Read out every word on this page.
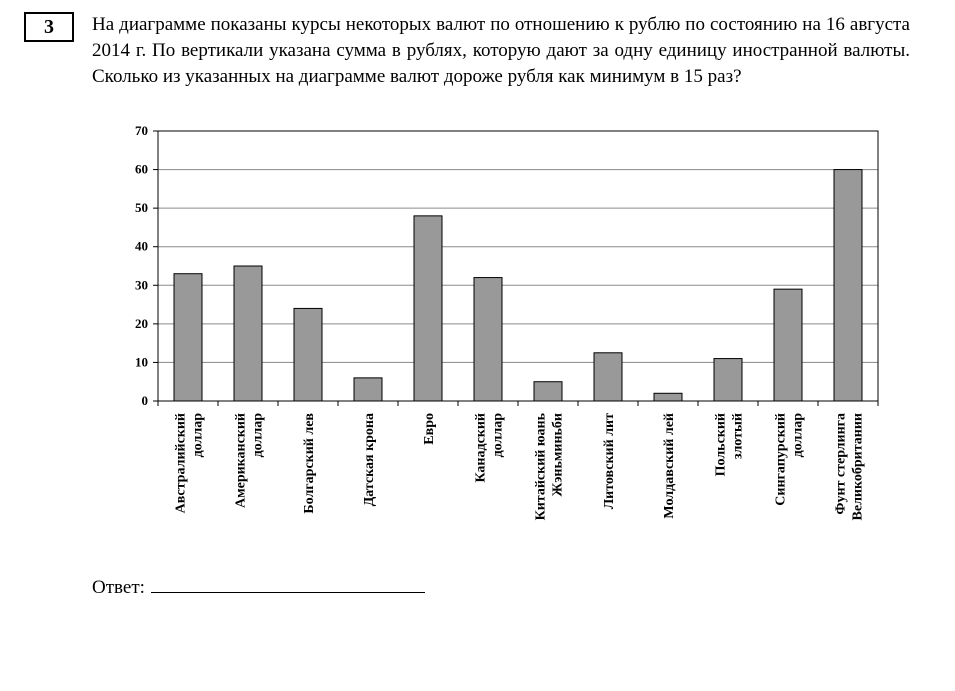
3	На диаграмме показаны курсы некоторых валют по отношению к рублю по состоянию на 16 августа 2014 г. По вертикали указана сумма в рублях, которую дают за одну единицу иностранной валюты. Сколько из указанных на диаграмме валют дороже рубля как минимум в 15 раз?

0
10
20
30
40
50
60
70
Австралийский доллар Американский доллар	Болгарский лев	Датская крона	Евро	Канадский доллар Китайский юань Жэньминьби	Литовский лит	Молдавский лей	Польский злотый Сингапурский доллар Фунт стерлинга Великобритании
Ответ:
